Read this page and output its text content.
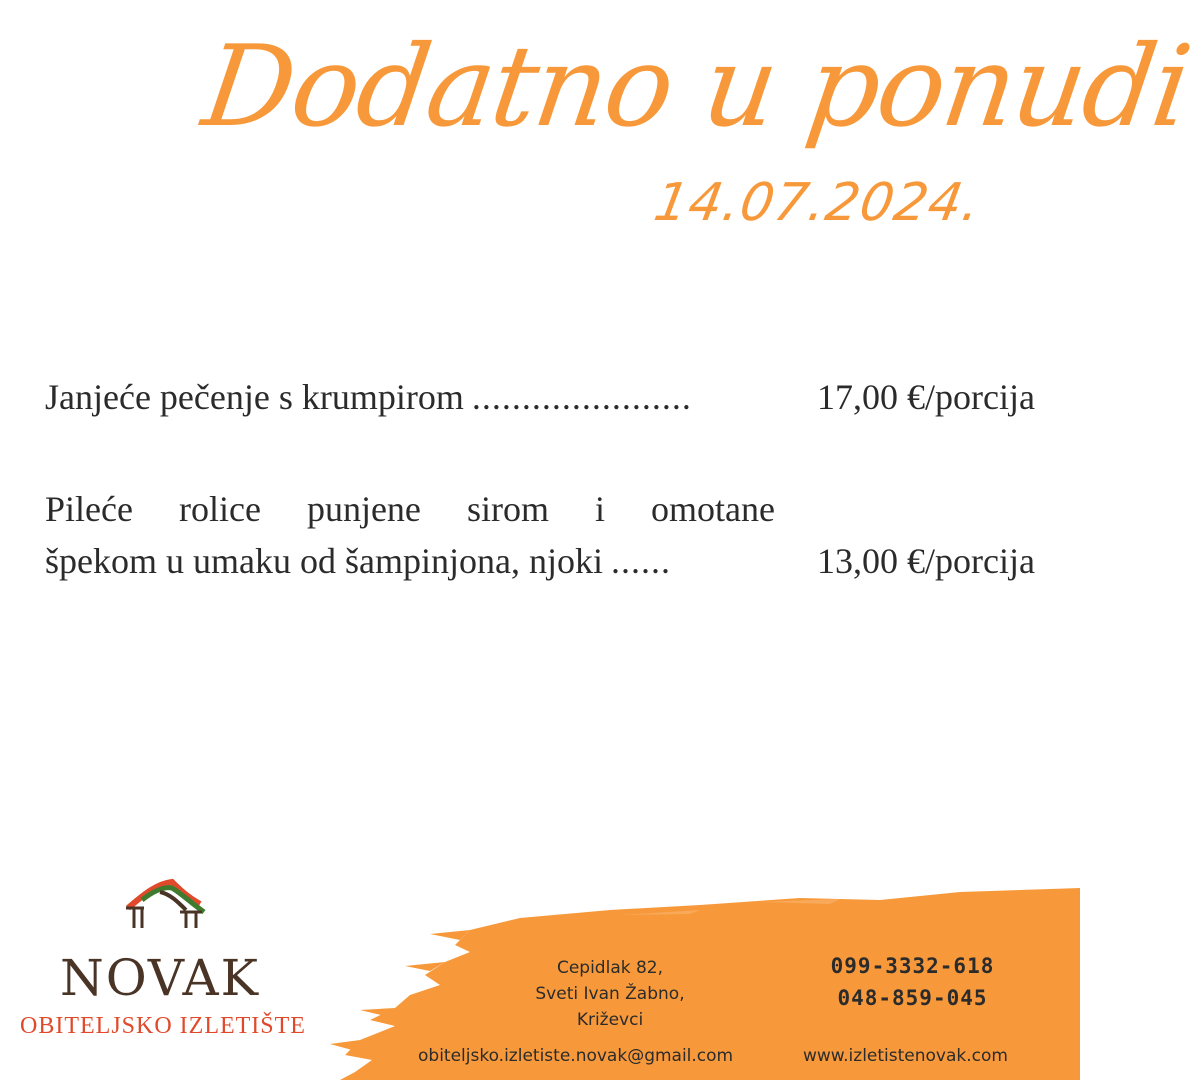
Dodatno u ponudi
14.07.2024.
Janjeće pečenje s krumpirom ......................	17,00 €/porcija
Pileće rolice punjene sirom i omotane
špekom u umaku od šampinjona, njoki ......	13,00 €/porcija
NOVAK
OBITELJSKO IZLETIŠTE
Cepidlak 82,
Sveti Ivan Žabno,
Križevci
099-3332-618
048-859-045
obiteljsko.izletiste.novak@gmail.com	www.izletistenovak.com
